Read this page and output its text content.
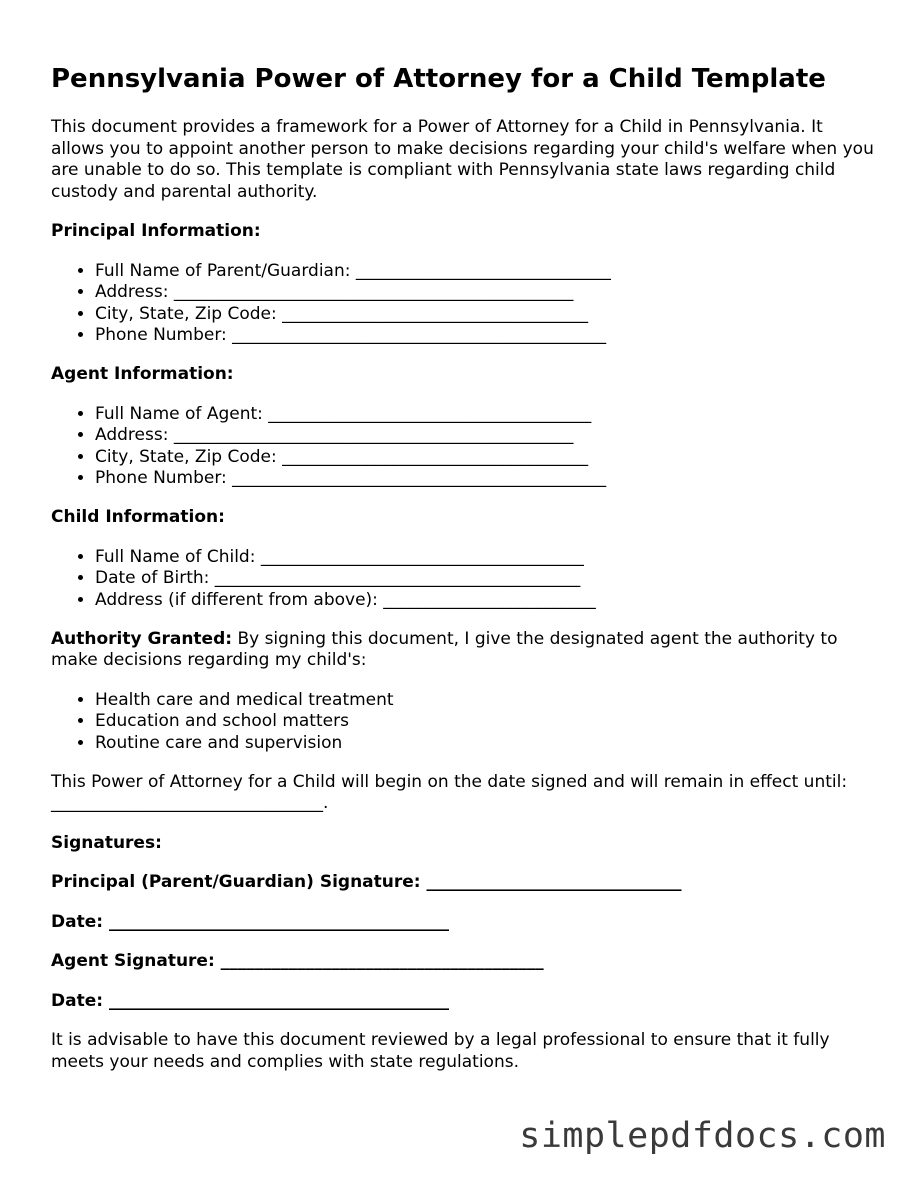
Pennsylvania Power of Attorney for a Child Template

This document provides a framework for a Power of Attorney for a Child in Pennsylvania. It allows you to appoint another person to make decisions regarding your child's welfare when you are unable to do so. This template is compliant with Pennsylvania state laws regarding child custody and parental authority.

Principal Information:

• Full Name of Parent/Guardian: ______________________________
• Address: _______________________________________________
• City, State, Zip Code: ____________________________________
• Phone Number: ____________________________________________

Agent Information:

• Full Name of Agent: ______________________________________
• Address: _______________________________________________
• City, State, Zip Code: ____________________________________
• Phone Number: ____________________________________________

Child Information:

• Full Name of Child: ______________________________________
• Date of Birth: ___________________________________________
• Address (if different from above): _________________________

Authority Granted: By signing this document, I give the designated agent the authority to make decisions regarding my child's:

• Health care and medical treatment
• Education and school matters
• Routine care and supervision

This Power of Attorney for a Child will begin on the date signed and will remain in effect until: ________________________________.

Signatures:

Principal (Parent/Guardian) Signature: ______________________________

Date: ________________________________________

Agent Signature: ______________________________________

Date: ________________________________________

It is advisable to have this document reviewed by a legal professional to ensure that it fully meets your needs and complies with state regulations.

simplepdfdocs.com
